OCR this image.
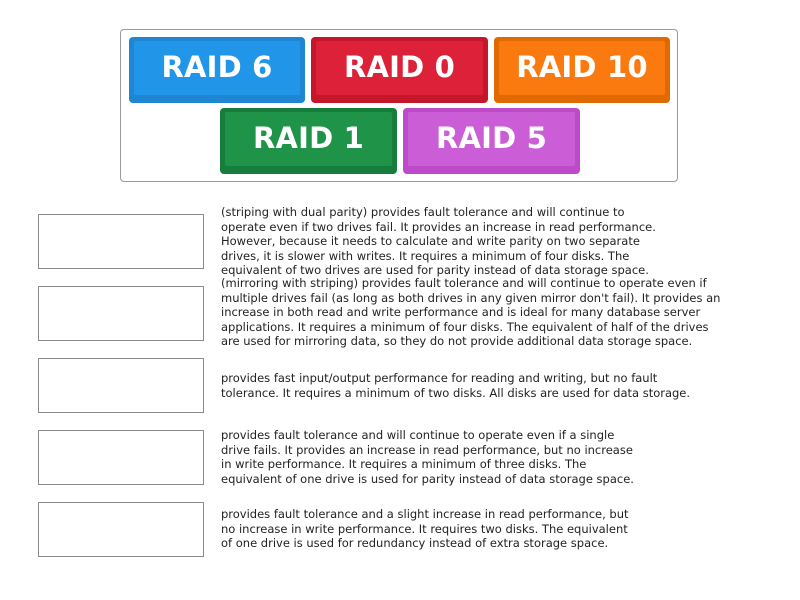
RAID 6 RAID 0 RAID 10
RAID 1 RAID 5

(striping with dual parity) provides fault tolerance and will continue to
operate even if two drives fail. It provides an increase in read performance.
However, because it needs to calculate and write parity on two separate
drives, it is slower with writes. It requires a minimum of four disks. The
equivalent of two drives are used for parity instead of data storage space.

(mirroring with striping) provides fault tolerance and will continue to operate even if
multiple drives fail (as long as both drives in any given mirror don't fail). It provides an
increase in both read and write performance and is ideal for many database server
applications. It requires a minimum of four disks. The equivalent of half of the drives
are used for mirroring data, so they do not provide additional data storage space.

provides fast input/output performance for reading and writing, but no fault
tolerance. It requires a minimum of two disks. All disks are used for data storage.

provides fault tolerance and will continue to operate even if a single
drive fails. It provides an increase in read performance, but no increase
in write performance. It requires a minimum of three disks. The
equivalent of one drive is used for parity instead of data storage space.

provides fault tolerance and a slight increase in read performance, but
no increase in write performance. It requires two disks. The equivalent
of one drive is used for redundancy instead of extra storage space.
